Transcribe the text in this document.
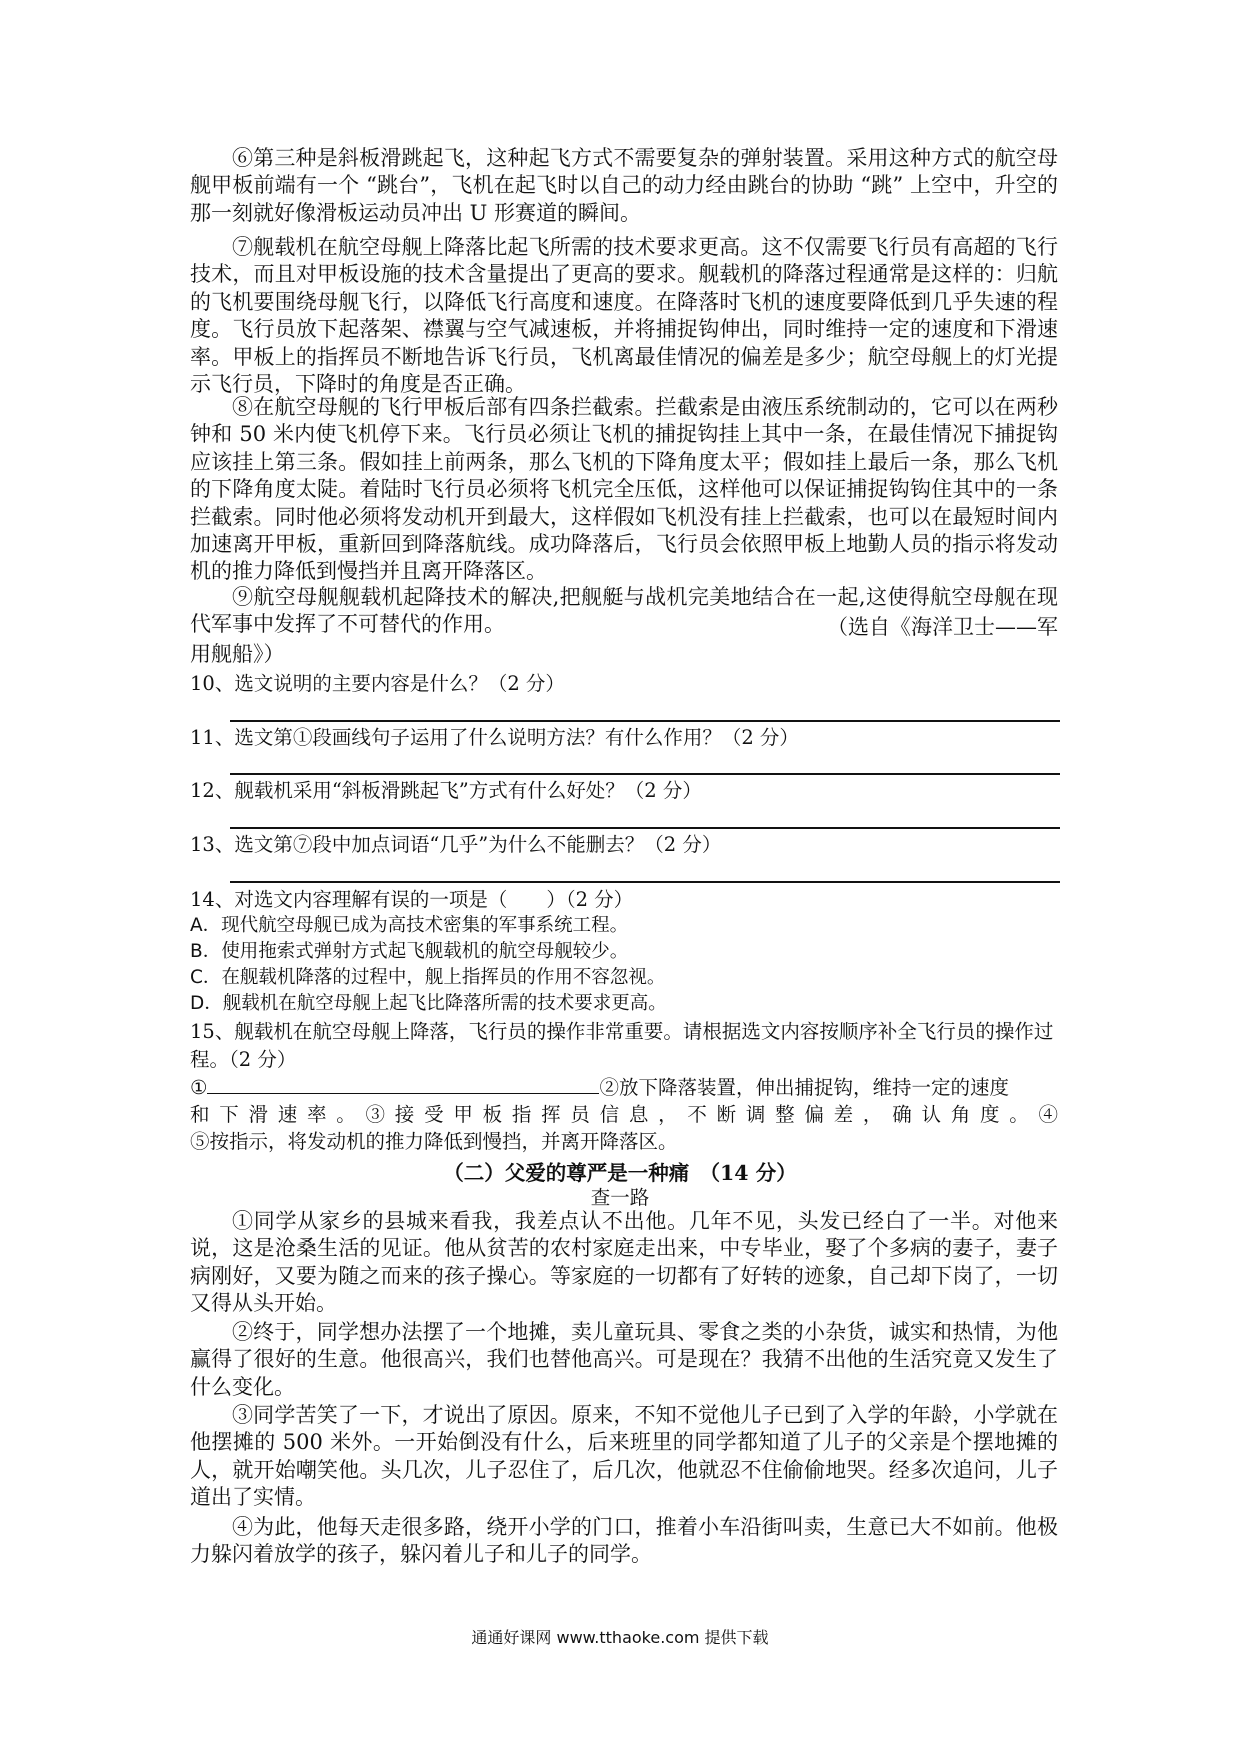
⑥第三种是斜板滑跳起飞，这种起飞方式不需要复杂的弹射装置。采用这种方式的航空母舰甲板前端有一个 “跳台”，飞机在起飞时以自己的动力经由跳台的协助 “跳” 上空中，升空的那一刻就好像滑板运动员冲出 U 形赛道的瞬间。

⑦舰载机在航空母舰上降落比起飞所需的技术要求更高。这不仅需要飞行员有高超的飞行技术，而且对甲板设施的技术含量提出了更高的要求。舰载机的降落过程通常是这样的：归航的飞机要围绕母舰飞行，以降低飞行高度和速度。在降落时飞机的速度要降低到几乎失速的程度。飞行员放下起落架、襟翼与空气减速板，并将捕捉钩伸出，同时维持一定的速度和下滑速率。甲板上的指挥员不断地告诉飞行员，飞机离最佳情况的偏差是多少；航空母舰上的灯光提示飞行员，下降时的角度是否正确。

⑧在航空母舰的飞行甲板后部有四条拦截索。拦截索是由液压系统制动的，它可以在两秒钟和 50 米内使飞机停下来。飞行员必须让飞机的捕捉钩挂上其中一条，在最佳情况下捕捉钩应该挂上第三条。假如挂上前两条，那么飞机的下降角度太平；假如挂上最后一条，那么飞机的下降角度太陡。着陆时飞行员必须将飞机完全压低，这样他可以保证捕捉钩钩住其中的一条拦截索。同时他必须将发动机开到最大，这样假如飞机没有挂上拦截索，也可以在最短时间内加速离开甲板，重新回到降落航线。成功降落后，飞行员会依照甲板上地勤人员的指示将发动机的推力降低到慢挡并且离开降落区。

⑨航空母舰舰载机起降技术的解决,把舰艇与战机完美地结合在一起,这使得航空母舰在现代军事中发挥了不可替代的作用。	（选自《海洋卫士——军

用舰船》）

10、选文说明的主要内容是什么？（2 分）

11、选文第①段画线句子运用了什么说明方法？有什么作用？（2 分）

12、舰载机采用“斜板滑跳起飞”方式有什么好处？（2 分）

13、选文第⑦段中加点词语“几乎”为什么不能删去？（2 分）

14、对选文内容理解有误的一项是（　　）（2 分）

A．现代航空母舰已成为高技术密集的军事系统工程。

B．使用拖索式弹射方式起飞舰载机的航空母舰较少。

C．在舰载机降落的过程中，舰上指挥员的作用不容忽视。

D．舰载机在航空母舰上起飞比降落所需的技术要求更高。

15、舰载机在航空母舰上降落，飞行员的操作非常重要。请根据选文内容按顺序补全飞行员的操作过程。（2 分）

①	②放下降落装置，伸出捕捉钩，维持一定的速度

和下滑速率。③接受甲板指挥员信息，不断调整偏差，确认角度。④

⑤按指示，将发动机的推力降低到慢挡，并离开降落区。

（二）父爱的尊严是一种痛　（14 分）

查一路

①同学从家乡的县城来看我，我差点认不出他。几年不见，头发已经白了一半。对他来说，这是沧桑生活的见证。他从贫苦的农村家庭走出来，中专毕业，娶了个多病的妻子，妻子病刚好，又要为随之而来的孩子操心。等家庭的一切都有了好转的迹象，自己却下岗了，一切又得从头开始。

②终于，同学想办法摆了一个地摊，卖儿童玩具、零食之类的小杂货，诚实和热情，为他赢得了很好的生意。他很高兴，我们也替他高兴。可是现在？我猜不出他的生活究竟又发生了什么变化。

③同学苦笑了一下，才说出了原因。原来，不知不觉他儿子已到了入学的年龄，小学就在他摆摊的 500 米外。一开始倒没有什么，后来班里的同学都知道了儿子的父亲是个摆地摊的人，就开始嘲笑他。头几次，儿子忍住了，后几次，他就忍不住偷偷地哭。经多次追问，儿子道出了实情。

④为此，他每天走很多路，绕开小学的门口，推着小车沿街叫卖，生意已大不如前。他极力躲闪着放学的孩子，躲闪着儿子和儿子的同学。

通通好课网 www.tthaoke.com 提供下载
